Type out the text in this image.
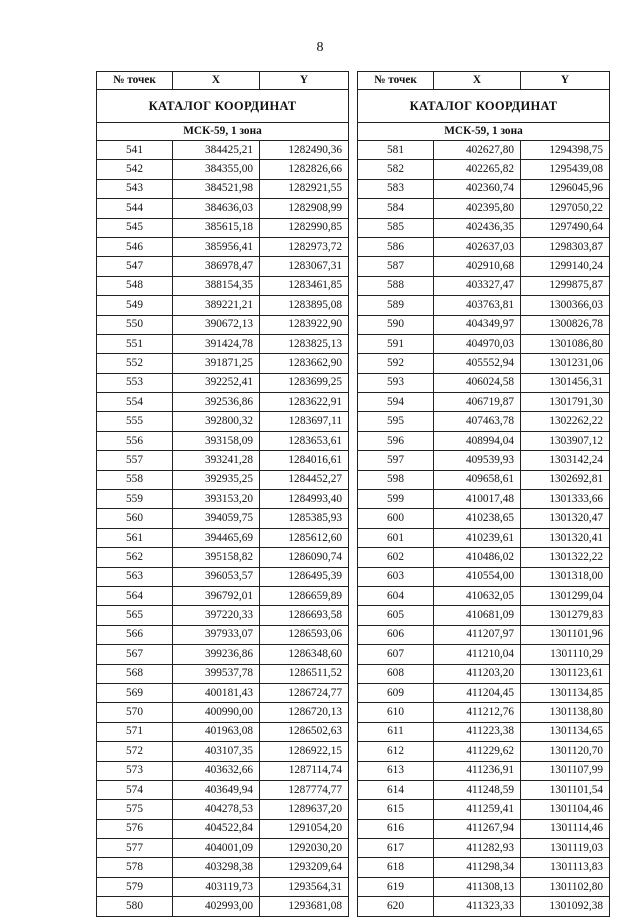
8
КАТАЛОГ КООРДИНАТ		
МСК-59, 1 зона		
№ точек	X	Y
541	384425,21	1282490,36
542	384355,00	1282826,66
543	384521,98	1282921,55
544	384636,03	1282908,99
545	385615,18	1282990,85
546	385956,41	1282973,72
547	386978,47	1283067,31
548	388154,35	1283461,85
549	389221,21	1283895,08
550	390672,13	1283922,90
551	391424,78	1283825,13
552	391871,25	1283662,90
553	392252,41	1283699,25
554	392536,86	1283622,91
555	392800,32	1283697,11
556	393158,09	1283653,61
557	393241,28	1284016,61
558	392935,25	1284452,27
559	393153,20	1284993,40
560	394059,75	1285385,93
561	394465,69	1285612,60
562	395158,82	1286090,74
563	396053,57	1286495,39
564	396792,01	1286659,89
565	397220,33	1286693,58
566	397933,07	1286593,06
567	399236,86	1286348,60
568	399537,78	1286511,52
569	400181,43	1286724,77
570	400990,00	1286720,13
571	401963,08	1286502,63
572	403107,35	1286922,15
573	403632,66	1287114,74
574	403649,94	1287774,77
575	404278,53	1289637,20
576	404522,84	1291054,20
577	404001,09	1292030,20
578	403298,38	1293209,64
579	403119,73	1293564,31
580	402993,00	1293681,08
КАТАЛОГ КООРДИНАТ		
МСК-59, 1 зона		
№ точек	X	Y
581	402627,80	1294398,75
582	402265,82	1295439,08
583	402360,74	1296045,96
584	402395,80	1297050,22
585	402436,35	1297490,64
586	402637,03	1298303,87
587	402910,68	1299140,24
588	403327,47	1299875,87
589	403763,81	1300366,03
590	404349,97	1300826,78
591	404970,03	1301086,80
592	405552,94	1301231,06
593	406024,58	1301456,31
594	406719,87	1301791,30
595	407463,78	1302262,22
596	408994,04	1303907,12
597	409539,93	1303142,24
598	409658,61	1302692,81
599	410017,48	1301333,66
600	410238,65	1301320,47
601	410239,61	1301320,41
602	410486,02	1301322,22
603	410554,00	1301318,00
604	410632,05	1301299,04
605	410681,09	1301279,83
606	411207,97	1301101,96
607	411210,04	1301110,29
608	411203,20	1301123,61
609	411204,45	1301134,85
610	411212,76	1301138,80
611	411223,38	1301134,65
612	411229,62	1301120,70
613	411236,91	1301107,99
614	411248,59	1301101,54
615	411259,41	1301104,46
616	411267,94	1301114,46
617	411282,93	1301119,03
618	411298,34	1301113,83
619	411308,13	1301102,80
620	411323,33	1301092,38
